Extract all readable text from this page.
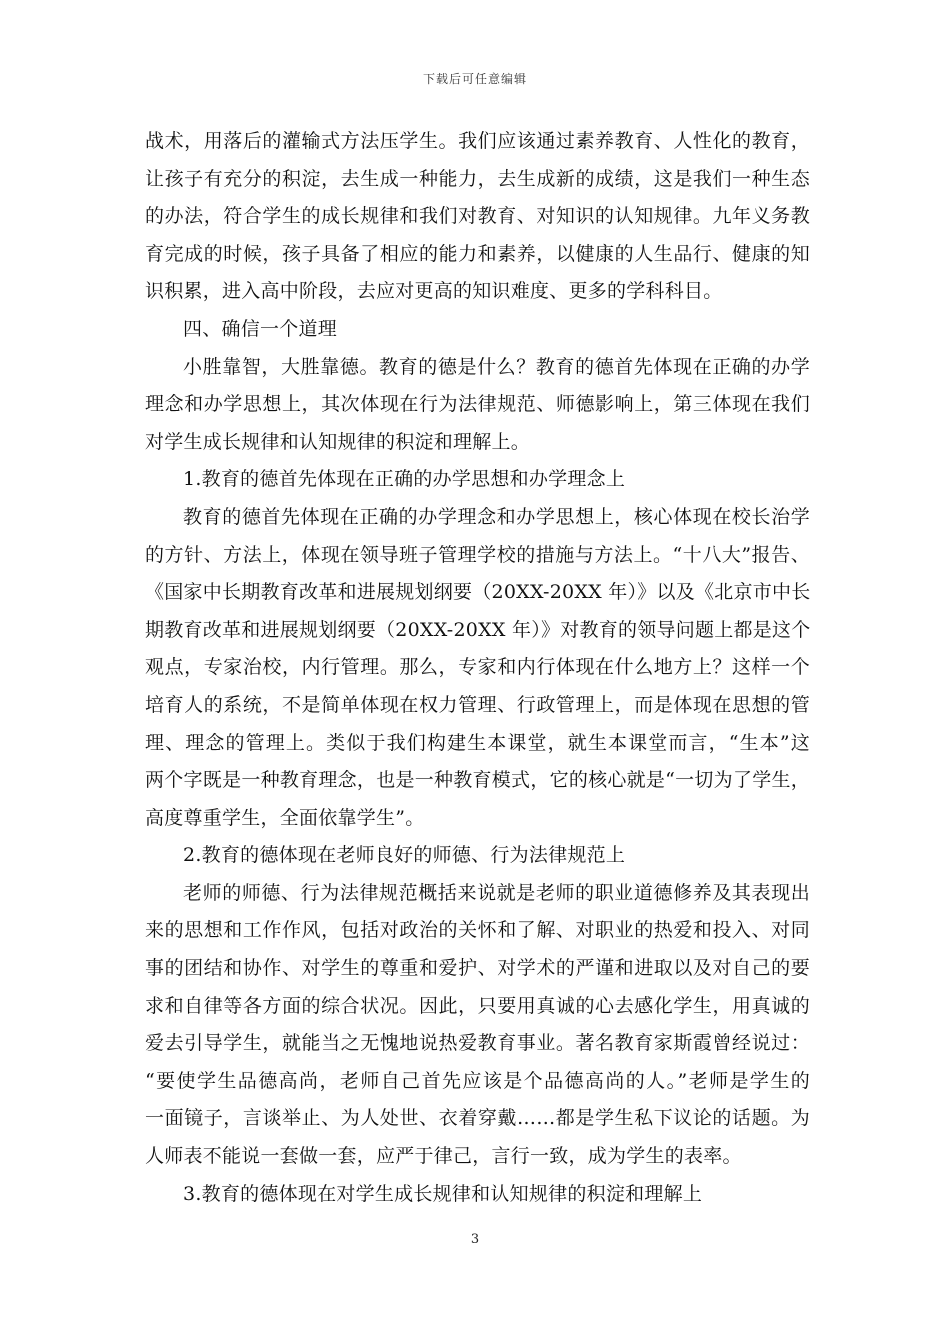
下载后可任意编辑
战术，用落后的灌输式方法压学生。我们应该通过素养教育、人性化的教育，
让孩子有充分的积淀，去生成一种能力，去生成新的成绩，这是我们一种生态
的办法，符合学生的成长规律和我们对教育、对知识的认知规律。九年义务教
育完成的时候，孩子具备了相应的能力和素养，以健康的人生品行、健康的知
识积累，进入高中阶段，去应对更高的知识难度、更多的学科科目。
四、确信一个道理
小胜靠智，大胜靠德。教育的德是什么？教育的德首先体现在正确的办学
理念和办学思想上，其次体现在行为法律规范、师德影响上，第三体现在我们
对学生成长规律和认知规律的积淀和理解上。
1.教育的德首先体现在正确的办学思想和办学理念上
教育的德首先体现在正确的办学理念和办学思想上，核心体现在校长治学
的方针、方法上，体现在领导班子管理学校的措施与方法上。“十八大”报告、
《国家中长期教育改革和进展规划纲要（20XX-20XX 年）》以及《北京市中长
期教育改革和进展规划纲要（20XX-20XX 年）》对教育的领导问题上都是这个
观点，专家治校，内行管理。那么，专家和内行体现在什么地方上？这样一个
培育人的系统，不是简单体现在权力管理、行政管理上，而是体现在思想的管
理、理念的管理上。类似于我们构建生本课堂，就生本课堂而言，“生本”这
两个字既是一种教育理念，也是一种教育模式，它的核心就是“一切为了学生，
高度尊重学生，全面依靠学生”。
2.教育的德体现在老师良好的师德、行为法律规范上
老师的师德、行为法律规范概括来说就是老师的职业道德修养及其表现出
来的思想和工作作风，包括对政治的关怀和了解、对职业的热爱和投入、对同
事的团结和协作、对学生的尊重和爱护、对学术的严谨和进取以及对自己的要
求和自律等各方面的综合状况。因此，只要用真诚的心去感化学生，用真诚的
爱去引导学生，就能当之无愧地说热爱教育事业。著名教育家斯霞曾经说过：
“要使学生品德高尚，老师自己首先应该是个品德高尚的人。”老师是学生的
一面镜子，言谈举止、为人处世、衣着穿戴……都是学生私下议论的话题。为
人师表不能说一套做一套，应严于律己，言行一致，成为学生的表率。
3.教育的德体现在对学生成长规律和认知规律的积淀和理解上
3
